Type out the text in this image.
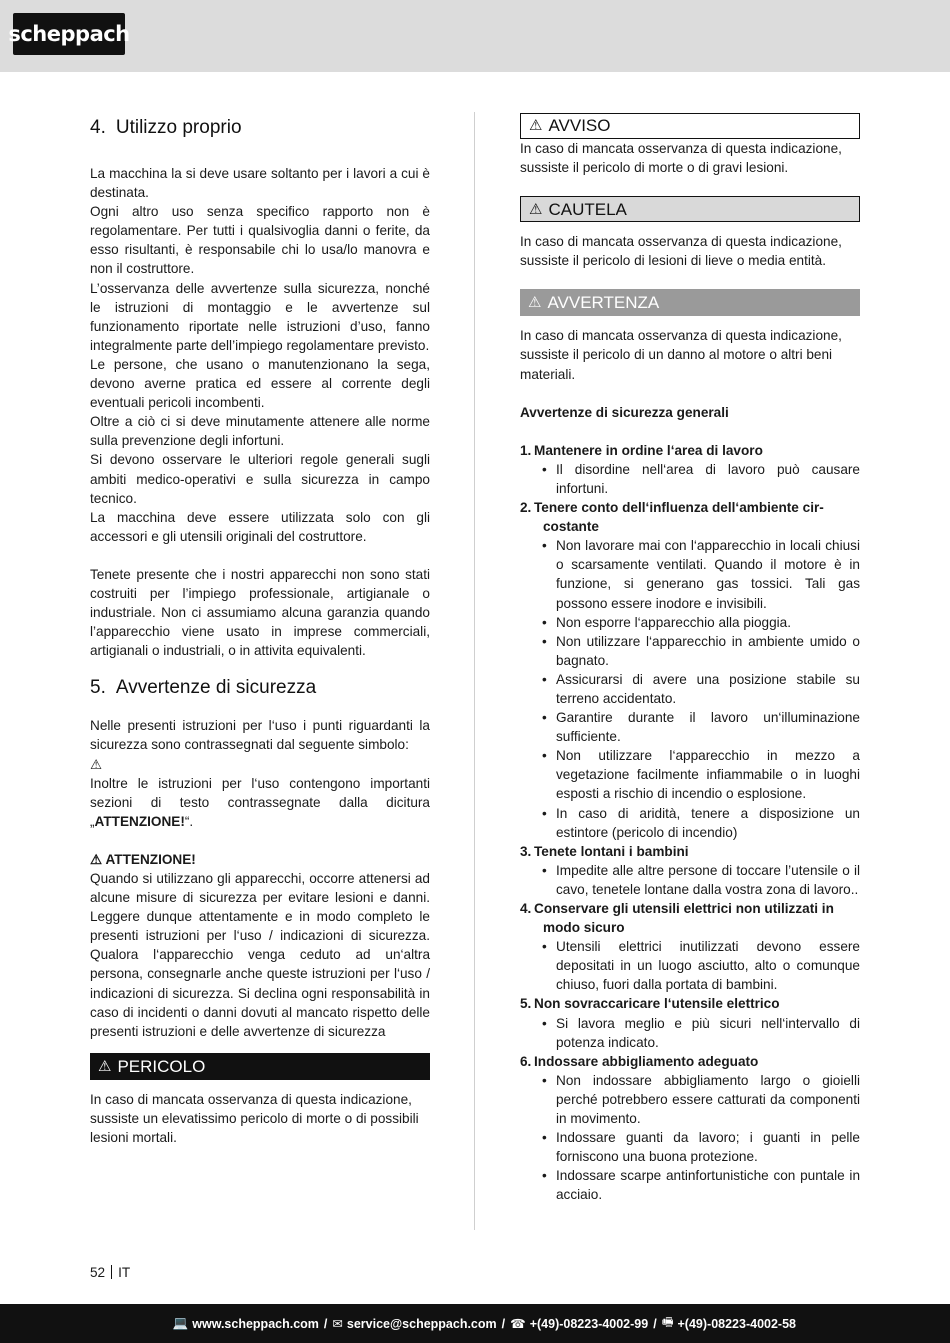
scheppach
4. Utilizzo proprio

La macchina la si deve usare soltanto per i lavori a cui è destinata.

Ogni altro uso senza specifico rapporto non è regolamentare. Per tutti i qualsivoglia danni o ferite, da esso risultanti, è responsabile chi lo usa/lo manovra e non il costruttore.

L’osservanza delle avvertenze sulla sicurezza, nonché le istruzioni di montaggio e le avvertenze sul funzionamento riportate nelle istruzioni d’uso, fanno integralmente parte dell’impiego regolamentare previsto.

Le persone, che usano o manutenzionano la sega, devono averne pratica ed essere al corrente degli eventuali pericoli incombenti.

Oltre a ciò ci si deve minutamente attenere alle norme sulla prevenzione degli infortuni.

Si devono osservare le ulteriori regole generali sugli ambiti medico-operativi e sulla sicurezza in campo tecnico.

La macchina deve essere utilizzata solo con gli accessori e gli utensili originali del costruttore.

Tenete presente che i nostri apparecchi non sono stati costruiti per l’impiego professionale, artigianale o industriale. Non ci assumiamo alcuna garanzia quando l’apparecchio viene usato in imprese commerciali, artigianali o industriali, o in attivita equivalenti.

5. Avvertenze di sicurezza

Nelle presenti istruzioni per l‘uso i punti riguardanti la sicurezza sono contrassegnati dal seguente simbolo:

⚠

Inoltre le istruzioni per l‘uso contengono importanti sezioni di testo contrassegnate dalla dicitura „ATTENZIONE!“.

⚠ ATTENZIONE!

Quando si utilizzano gli apparecchi, occorre attenersi ad alcune misure di sicurezza per evitare lesioni e danni. Leggere dunque attentamente e in modo completo le presenti istruzioni per l‘uso / indicazioni di sicurezza. Qualora l‘apparecchio venga ceduto ad un‘altra persona, consegnarle anche queste istruzioni per l‘uso / indicazioni di sicurezza. Si declina ogni responsabilità in caso di incidenti o danni dovuti al mancato rispetto delle presenti istruzioni e delle avvertenze di sicurezza

⚠ PERICOLO

In caso di mancata osservanza di questa indicazione, sussiste un elevatissimo pericolo di morte o di possibili lesioni mortali.

⚠ AVVISO

In caso di mancata osservanza di questa indicazione, sussiste il pericolo di morte o di gravi lesioni.

⚠ CAUTELA

In caso di mancata osservanza di questa indicazione, sussiste il pericolo di lesioni di lieve o media entità.

⚠ AVVERTENZA

In caso di mancata osservanza di questa indicazione, sussiste il pericolo di un danno al motore o altri beni materiali.

Avvertenze di sicurezza generali

1. Mantenere in ordine l‘area di lavoro
• Il disordine nell‘area di lavoro può causare infortuni.
2. Tenere conto dell‘influenza dell‘ambiente cir-
costante
• Non lavorare mai con l‘apparecchio in locali chiusi o scarsamente ventilati. Quando il motore è in funzione, si generano gas tossici. Tali gas possono essere inodore e invisibili.
• Non esporre l‘apparecchio alla pioggia.
• Non utilizzare l‘apparecchio in ambiente umido o bagnato.
• Assicurarsi di avere una posizione stabile su terreno accidentato.
• Garantire durante il lavoro un‘illuminazione sufficiente.
• Non utilizzare l‘apparecchio in mezzo a vegetazione facilmente infiammabile o in luoghi esposti a rischio di incendio o esplosione.
• In caso di aridità, tenere a disposizione un estintore (pericolo di incendio)
3. Tenete lontani i bambini
• Impedite alle altre persone di toccare l’utensile o il cavo, tenetele lontane dalla vostra zona di lavoro..
4. Conservare gli utensili elettrici non utilizzati in
modo sicuro
• Utensili elettrici inutilizzati devono essere depositati in un luogo asciutto, alto o comunque chiuso, fuori dalla portata di bambini.
5. Non sovraccaricare l‘utensile elettrico
• Si lavora meglio e più sicuri nell‘intervallo di potenza indicato.
6. Indossare abbigliamento adeguato
• Non indossare abbigliamento largo o gioielli perché potrebbero essere catturati da componenti in movimento.
• Indossare guanti da lavoro; i guanti in pelle forniscono una buona protezione.
• Indossare scarpe antinfortunistiche con puntale in acciaio.
52 IT
💻 www.scheppach.com / ✉ service@scheppach.com / ☎ +(49)-08223-4002-99 / 🖷 +(49)-08223-4002-58
